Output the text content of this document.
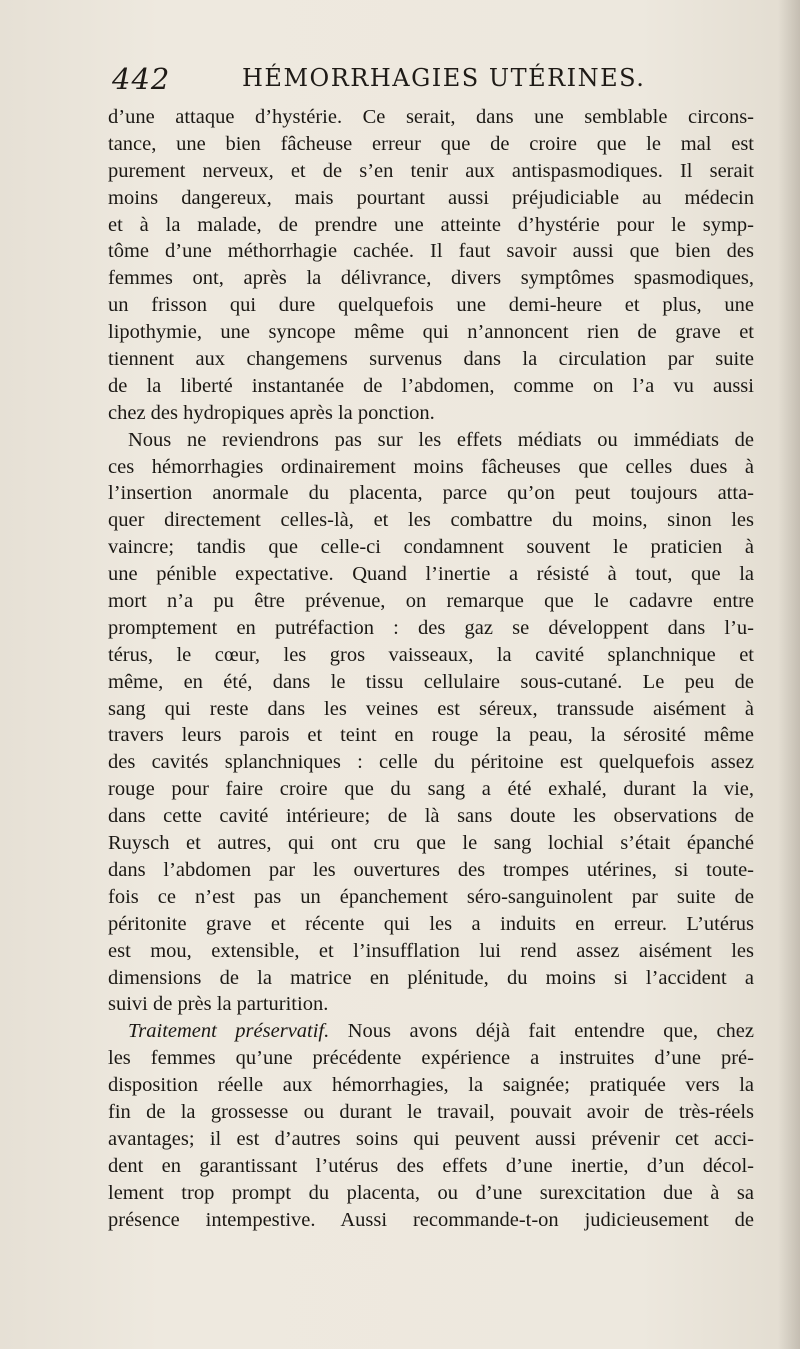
442	HÉMORRHAGIES UTÉRINES.
d’une attaque d’hystérie. Ce serait, dans une semblable circons-
tance, une bien fâcheuse erreur que de croire que le mal est
purement nerveux, et de s’en tenir aux antispasmodiques. Il serait
moins dangereux, mais pourtant aussi préjudiciable au médecin
et à la malade, de prendre une atteinte d’hystérie pour le symp-
tôme d’une méthorrhagie cachée. Il faut savoir aussi que bien des
femmes ont, après la délivrance, divers symptômes spasmodiques,
un frisson qui dure quelquefois une demi-heure et plus, une
lipothymie, une syncope même qui n’annoncent rien de grave et
tiennent aux changemens survenus dans la circulation par suite
de la liberté instantanée de l’abdomen, comme on l’a vu aussi
chez des hydropiques après la ponction.
Nous ne reviendrons pas sur les effets médiats ou immédiats de
ces hémorrhagies ordinairement moins fâcheuses que celles dues à
l’insertion anormale du placenta, parce qu’on peut toujours atta-
quer directement celles-là, et les combattre du moins, sinon les
vaincre; tandis que celle-ci condamnent souvent le praticien à
une pénible expectative. Quand l’inertie a résisté à tout, que la
mort n’a pu être prévenue, on remarque que le cadavre entre
promptement en putréfaction : des gaz se développent dans l’u-
térus, le cœur, les gros vaisseaux, la cavité splanchnique et
même, en été, dans le tissu cellulaire sous-cutané. Le peu de
sang qui reste dans les veines est séreux, transsude aisément à
travers leurs parois et teint en rouge la peau, la sérosité même
des cavités splanchniques : celle du péritoine est quelquefois assez
rouge pour faire croire que du sang a été exhalé, durant la vie,
dans cette cavité intérieure; de là sans doute les observations de
Ruysch et autres, qui ont cru que le sang lochial s’était épanché
dans l’abdomen par les ouvertures des trompes utérines, si toute-
fois ce n’est pas un épanchement séro-sanguinolent par suite de
péritonite grave et récente qui les a induits en erreur. L’utérus
est mou, extensible, et l’insufflation lui rend assez aisément les
dimensions de la matrice en plénitude, du moins si l’accident a
suivi de près la parturition.
Traitement préservatif. Nous avons déjà fait entendre que, chez
les femmes qu’une précédente expérience a instruites d’une pré-
disposition réelle aux hémorrhagies, la saignée; pratiquée vers la
fin de la grossesse ou durant le travail, pouvait avoir de très-réels
avantages; il est d’autres soins qui peuvent aussi prévenir cet acci-
dent en garantissant l’utérus des effets d’une inertie, d’un décol-
lement trop prompt du placenta, ou d’une surexcitation due à sa
présence intempestive. Aussi recommande-t-on judicieusement de
